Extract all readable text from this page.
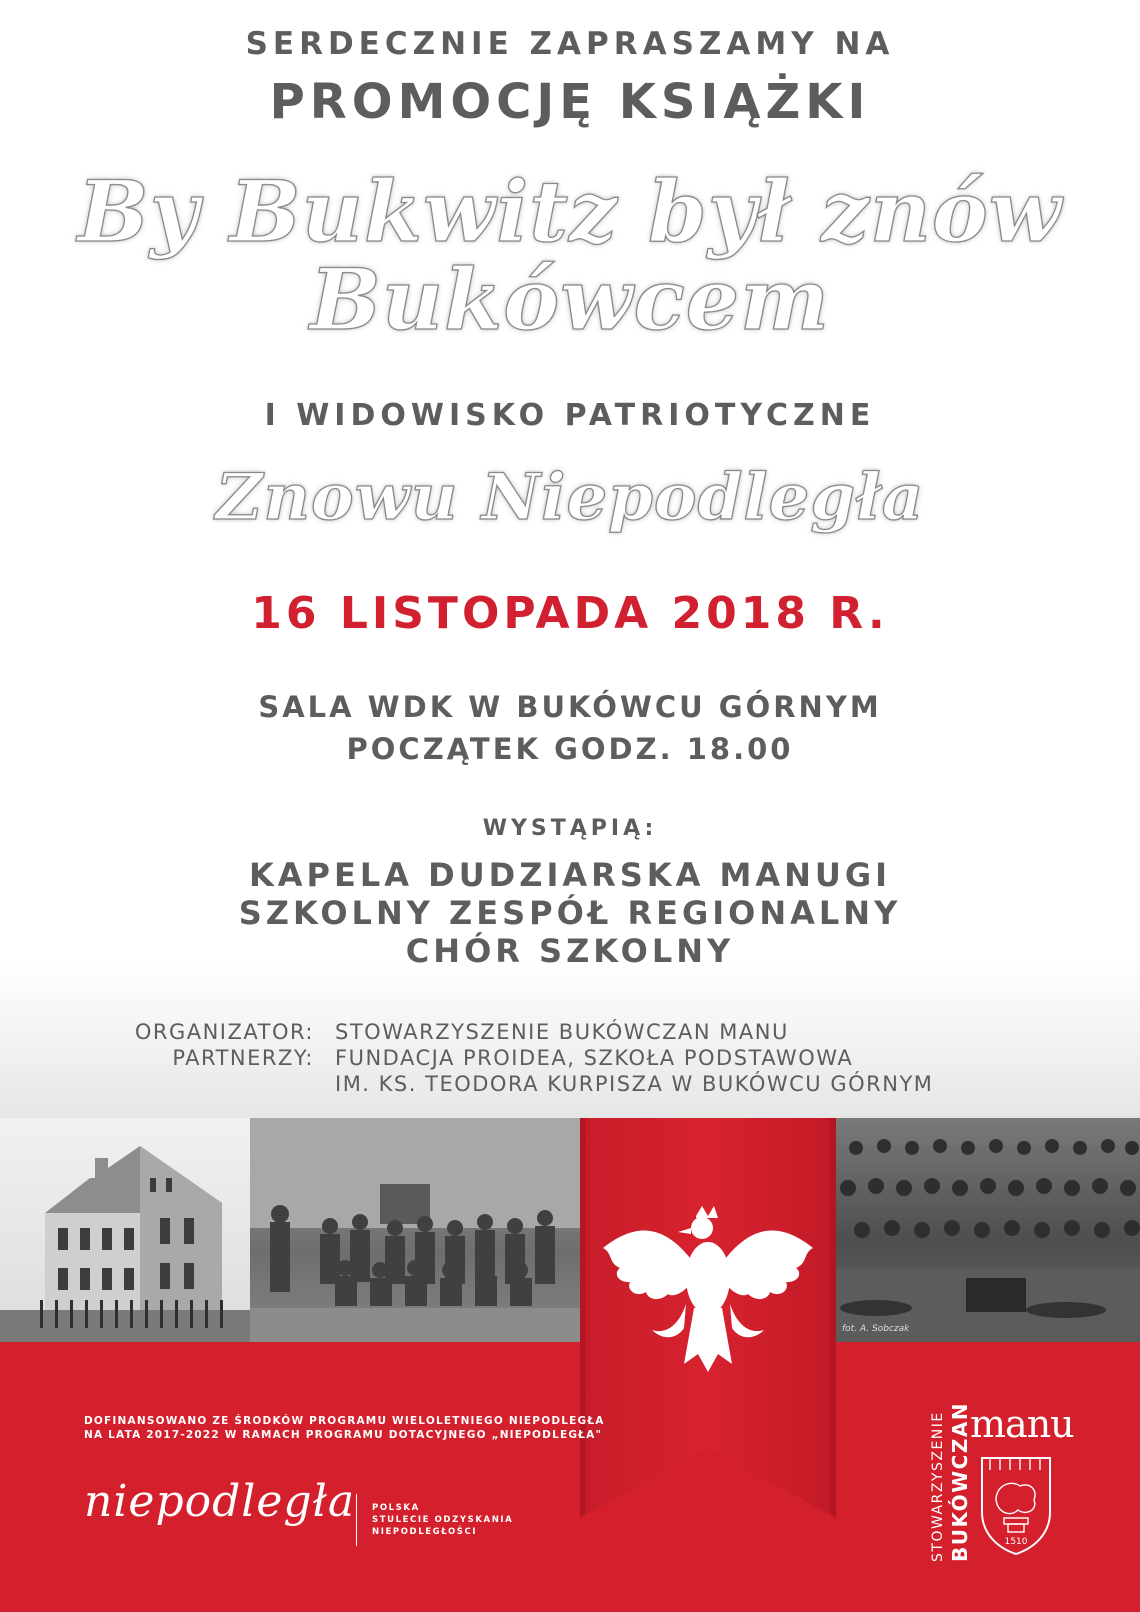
SERDECZNIE ZAPRASZAMY NA
PROMOCJĘ KSIĄŻKI
By Bukwitz był znów
Bukówcem
I WIDOWISKO PATRIOTYCZNE
Znowu Niepodległa
16 LISTOPADA 2018 R.
SALA WDK W BUKÓWCU GÓRNYM
POCZĄTEK GODZ. 18.00
WYSTĄPIĄ:
KAPELA DUDZIARSKA MANUGI
SZKOLNY ZESPÓŁ REGIONALNY
CHÓR SZKOLNY
ORGANIZATOR: STOWARZYSZENIE BUKÓWCZAN MANU
PARTNERZY: FUNDACJA PROIDEA, SZKOŁA PODSTAWOWA
IM. KS. TEODORA KURPISZA W BUKÓWCU GÓRNYM
fot. A. Sobczak
DOFINANSOWANO ZE ŚRODKÓW PROGRAMU WIELOLETNIEGO NIEPODLEGŁA
NA LATA 2017-2022 W RAMACH PROGRAMU DOTACYJNEGO „NIEPODLEGŁA"
niepodległa POLSKA
STULECIE ODZYSKANIA
NIEPODLEGŁOŚCI	STOWARZYSZENIE BUKÓWCZAN
manu
1510
